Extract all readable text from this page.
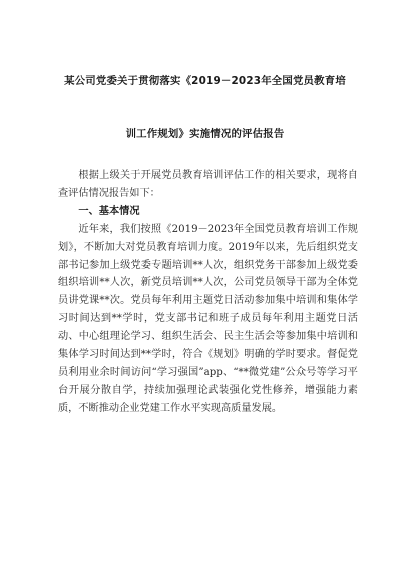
某公司党委关于贯彻落实《2019－2023年全国党员教育培
训工作规划》实施情况的评估报告

根据上级关于开展党员教育培训评估工作的相关要求，现将自查评估情况报告如下：

一、基本情况

近年来，我们按照《2019－2023年全国党员教育培训工作规划》，不断加大对党员教育培训力度。2019年以来，先后组织党支部书记参加上级党委专题培训**人次，组织党务干部参加上级党委组织培训**人次，新党员培训**人次，公司党员领导干部为全体党员讲党课**次。党员每年利用主题党日活动参加集中培训和集体学习时间达到**学时，党支部书记和班子成员每年利用主题党日活动、中心组理论学习、组织生活会、民主生活会等参加集中培训和集体学习时间达到**学时，符合《规划》明确的学时要求。督促党员利用业余时间访问“学习强国”app、“**微党建”公众号等学习平台开展分散自学，持续加强理论武装强化党性修养，增强能力素质，不断推动企业党建工作水平实现高质量发展。
